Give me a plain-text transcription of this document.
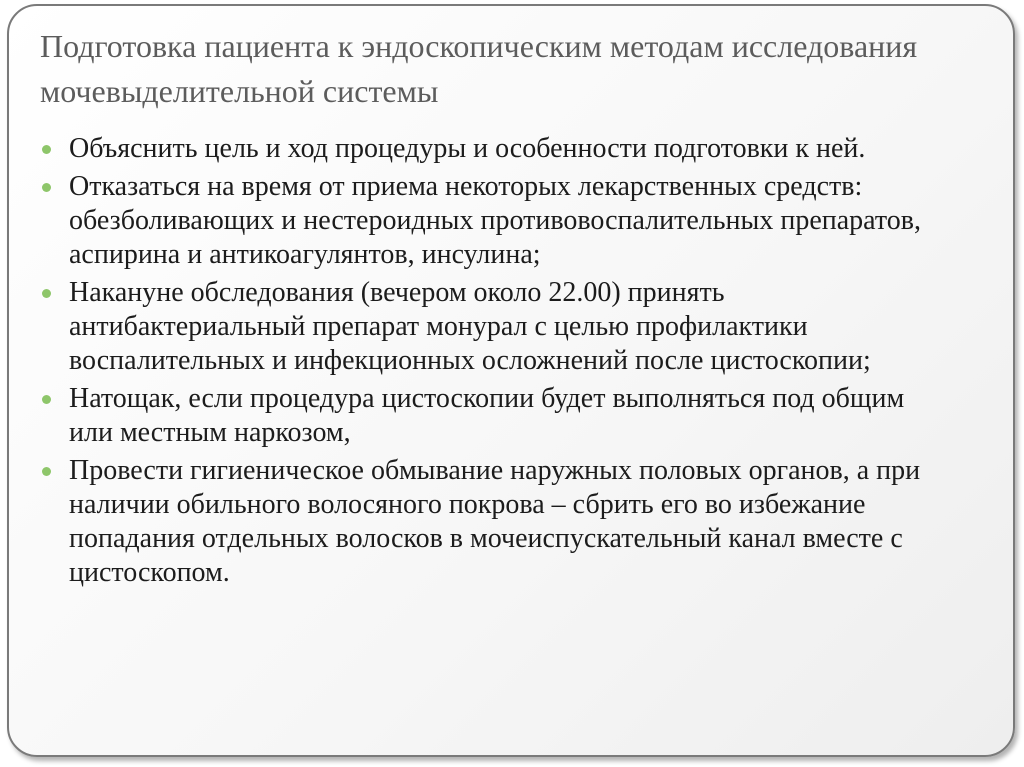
Подготовка пациента к эндоскопическим методам исследования мочевыделительной системы
Объяснить цель и ход процедуры и особенности подготовки к ней.
Отказаться на время от приема некоторых лекарственных средств: обезболивающих и нестероидных противовоспалительных препаратов, аспирина и антикоагулянтов, инсулина;
Накануне обследования (вечером около 22.00) принять антибактериальный препарат монурал с целью профилактики воспалительных и инфекционных осложнений после цистоскопии;
Натощак, если процедура цистоскопии будет выполняться под общим или местным наркозом,
Провести гигиеническое обмывание наружных половых органов, а при наличии обильного волосяного покрова – сбрить его во избежание попадания отдельных волосков в мочеиспускательный канал вместе с цистоскопом.
